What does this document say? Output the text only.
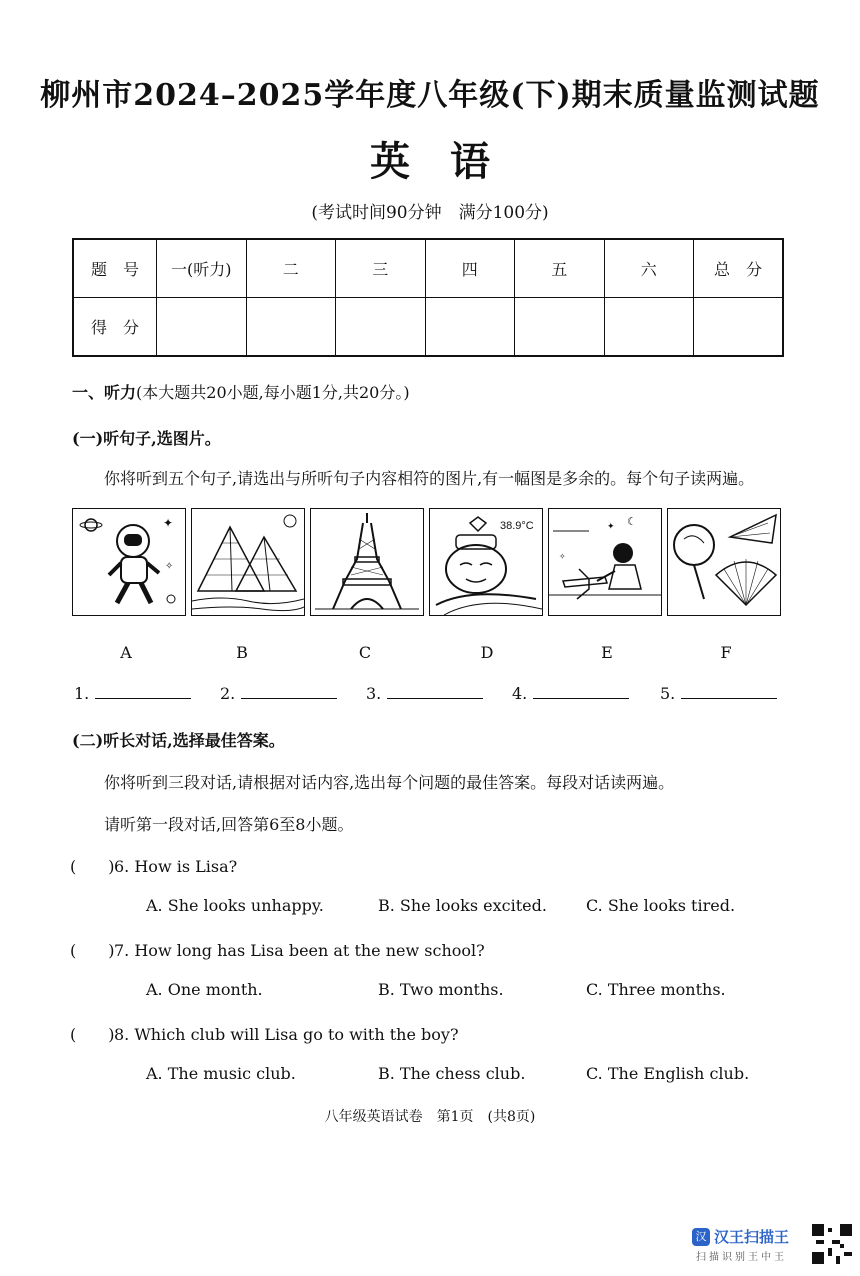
柳州市2024–2025学年度八年级(下)期末质量监测试题
英语
(考试时间90分钟　满分100分)
题　号	一(听力)	二	三	四	五	六	总　分
得　分							
一、听力(本大题共20小题,每小题1分,共20分。)
(一)听句子,选图片。
你将听到五个句子,请选出与所听句子内容相符的图片,有一幅图是多余的。每个句子读两遍。
✦
✧
38.9°C	☾
✦
✧
A	B	C	D	E	F
1.	2.	3.	4.	5.
(二)听长对话,选择最佳答案。
你将听到三段对话,请根据对话内容,选出每个问题的最佳答案。每段对话读两遍。
请听第一段对话,回答第6至8小题。
(　　)6. How is Lisa?
A. She looks unhappy.	B. She looks excited. C. She looks tired.
(　　)7. How long has Lisa been at the new school?
A. One month.	B. Two months.	C. Three months.
(　　)8. Which club will Lisa go to with the boy?
A. The music club.	B. The chess club.	C. The English club.
八年级英语试卷　第1页　(共8页)
汉 汉王扫描王
扫描识别王中王
